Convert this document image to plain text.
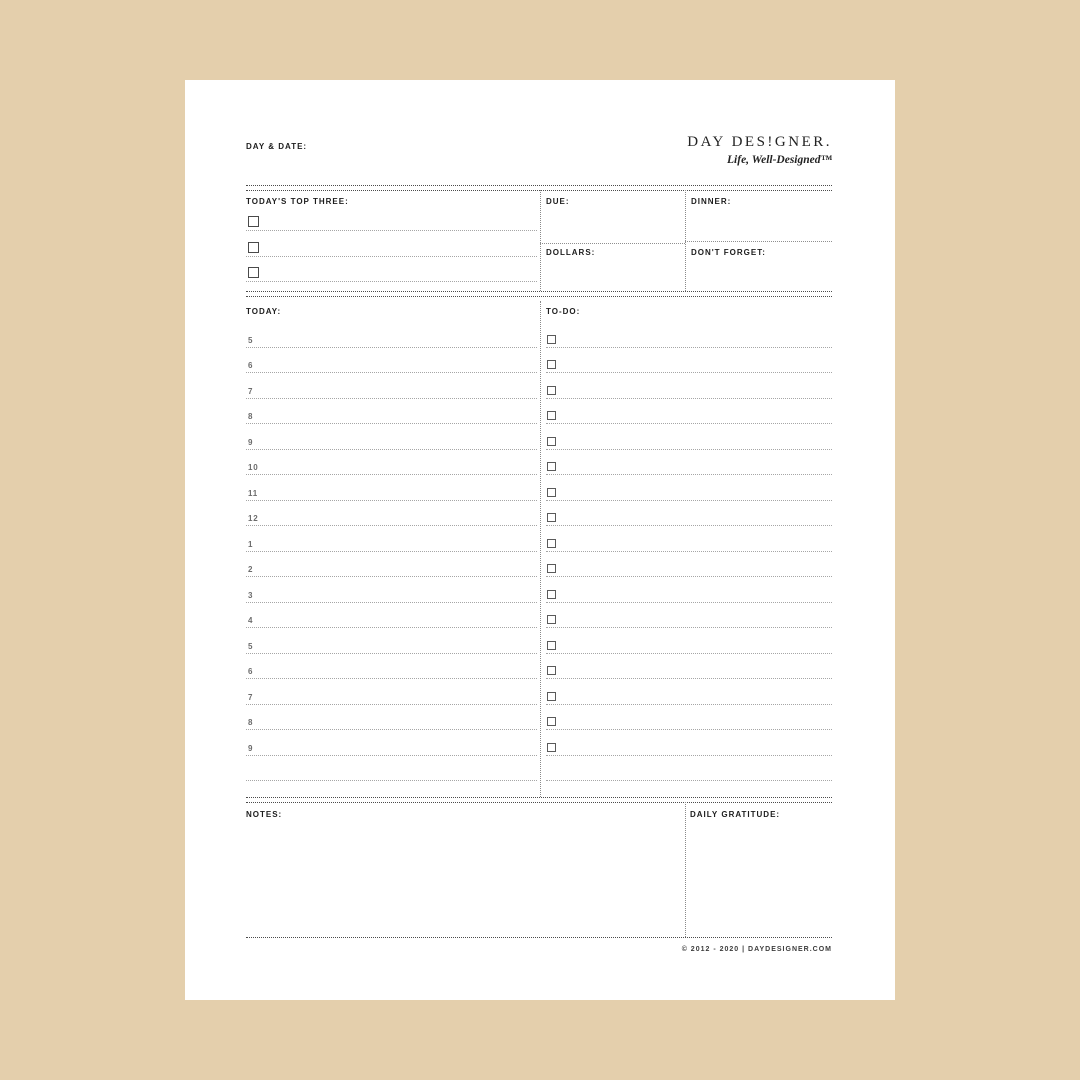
DAY & DATE:	DAY DES!GNER.
Life, Well-Designed™
TODAY'S TOP THREE:	DUE:	DINNER:
DOLLARS:	DON'T FORGET:
TODAY:	TO-DO:
5
6
7
8
9
10
11
12
1
2
3
4
5
6
7
8
9
NOTES:	DAILY GRATITUDE:
© 2012 - 2020 | DAYDESIGNER.COM
